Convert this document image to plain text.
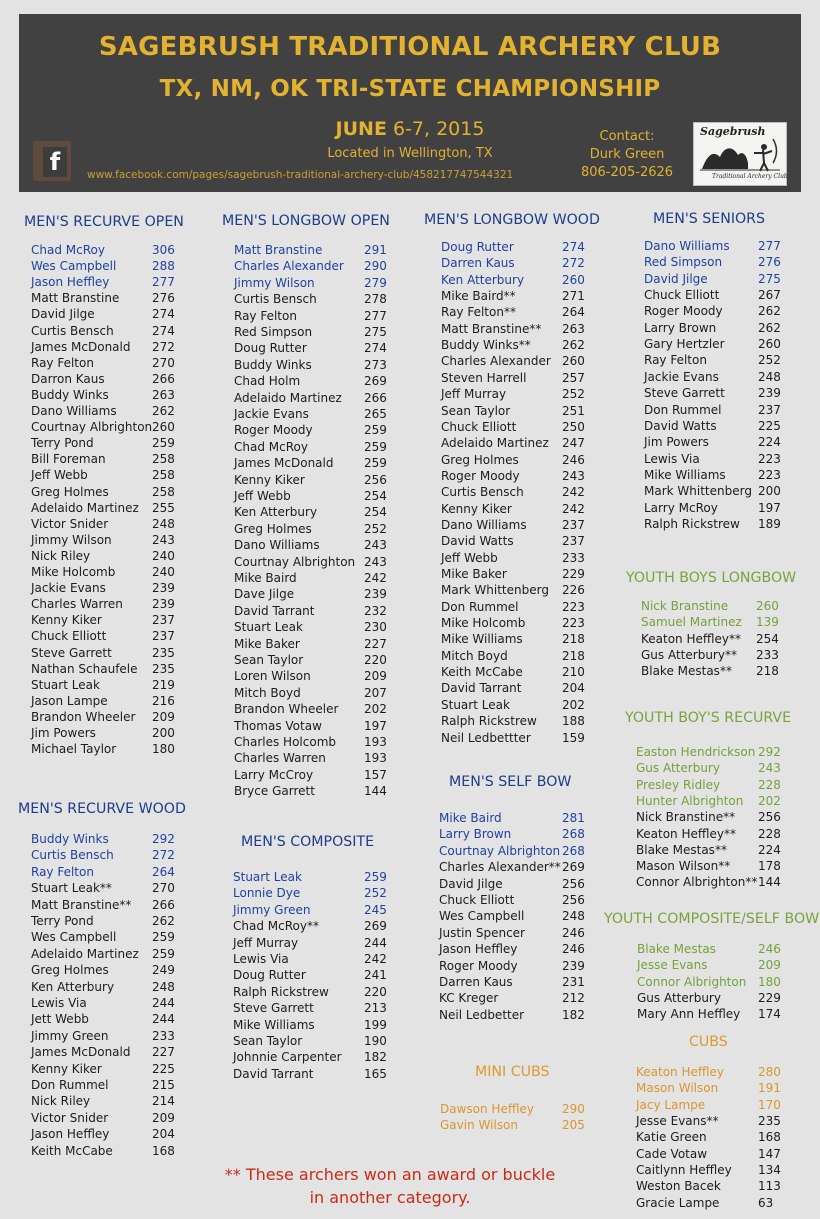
SAGEBRUSH TRADITIONAL ARCHERY CLUB
TX, NM, OK TRI-STATE CHAMPIONSHIP
JUNE 6-7, 2015
Located in Wellington, TX
www.facebook.com/pages/sagebrush-traditional-archery-club/458217747544321
Contact:
Durk Green
806-205-2626
f
Sagebrush
Traditional Archery Club
MEN'S RECURVE OPEN
Chad McRoy	306
Wes Campbell	288
Jason Heffley	277
Matt Branstine	276
David Jilge	274
Curtis Bensch	274
James McDonald 272
Ray Felton	270
Darron Kaus	266
Buddy Winks	263
Dano Williams	262
Courtnay Albrighton 260
Terry Pond	259
Bill Foreman	258
Jeff Webb	258
Greg Holmes	258
Adelaido Martinez 255
Victor Snider	248
Jimmy Wilson	243
Nick Riley	240
Mike Holcomb	240
Jackie Evans	239
Charles Warren 239
Kenny Kiker	237
Chuck Elliott	237
Steve Garrett	235
Nathan Schaufele 235
Stuart Leak	219
Jason Lampe	216
Brandon Wheeler 209
Jim Powers	200
Michael Taylor	180
MEN'S RECURVE WOOD
Buddy Winks	292
Curtis Bensch	272
Ray Felton	264
Stuart Leak**	270
Matt Branstine** 266
Terry Pond	262
Wes Campbell	259
Adelaido Martinez 259
Greg Holmes	249
Ken Atterbury	248
Lewis Via	244
Jett Webb	244
Jimmy Green	233
James McDonald 227
Kenny Kiker	225
Don Rummel	215
Nick Riley	214
Victor Snider	209
Jason Heffley	204
Keith McCabe	168
MEN'S LONGBOW OPEN
Matt Branstine	291
Charles Alexander 290
Jimmy Wilson	279
Curtis Bensch	278
Ray Felton	277
Red Simpson	275
Doug Rutter	274
Buddy Winks	273
Chad Holm	269
Adelaido Martinez 266
Jackie Evans	265
Roger Moody	259
Chad McRoy	259
James McDonald	259
Kenny Kiker	256
Jeff Webb	254
Ken Atterbury	254
Greg Holmes	252
Dano Williams	243
Courtnay Albrighton 243
Mike Baird	242
Dave Jilge	239
David Tarrant	232
Stuart Leak	230
Mike Baker	227
Sean Taylor	220
Loren Wilson	209
Mitch Boyd	207
Brandon Wheeler 202
Thomas Votaw	197
Charles Holcomb 193
Charles Warren	193
Larry McCroy	157
Bryce Garrett	144
MEN'S COMPOSITE
Stuart Leak	259
Lonnie Dye	252
Jimmy Green	245
Chad McRoy**	269
Jeff Murray	244
Lewis Via	242
Doug Rutter	241
Ralph Rickstrew	220
Steve Garrett	213
Mike Williams	199
Sean Taylor	190
Johnnie Carpenter 182
David Tarrant	165
MEN'S LONGBOW WOOD
Doug Rutter	274
Darren Kaus	272
Ken Atterbury	260
Mike Baird**	271
Ray Felton**	264
Matt Branstine** 263
Buddy Winks**	262
Charles Alexander 260
Steven Harrell	257
Jeff Murray	252
Sean Taylor	251
Chuck Elliott	250
Adelaido Martinez 247
Greg Holmes	246
Roger Moody	243
Curtis Bensch	242
Kenny Kiker	242
Dano Williams	237
David Watts	237
Jeff Webb	233
Mike Baker	229
Mark Whittenberg 226
Don Rummel	223
Mike Holcomb	223
Mike Williams	218
Mitch Boyd	218
Keith McCabe	210
David Tarrant	204
Stuart Leak	202
Ralph Rickstrew 188
Neil Ledbettter	159
MEN'S SELF BOW
Mike Baird	281
Larry Brown	268
Courtnay Albrighton 268
Charles Alexander** 269
David Jilge	256
Chuck Elliott	256
Wes Campbell	248
Justin Spencer	246
Jason Heffley	246
Roger Moody	239
Darren Kaus	231
KC Kreger	212
Neil Ledbetter	182
MINI CUBS
Dawson Heffley 290
Gavin Wilson	205
MEN'S SENIORS
Dano Williams 277
Red Simpson	276
David Jilge	275
Chuck Elliott	267
Roger Moody	262
Larry Brown	262
Gary Hertzler	260
Ray Felton	252
Jackie Evans	248
Steve Garrett	239
Don Rummel	237
David Watts	225
Jim Powers	224
Lewis Via	223
Mike Williams	223
Mark Whittenberg 200
Larry McRoy	197
Ralph Rickstrew 189
YOUTH BOYS LONGBOW
Nick Branstine 260
Samuel Martinez 139
Keaton Heffley** 254
Gus Atterbury** 233
Blake Mestas** 218
YOUTH BOY'S RECURVE
Easton Hendrickson 292
Gus Atterbury	243
Presley Ridley	228
Hunter Albrighton 202
Nick Branstine** 256
Keaton Heffley** 228
Blake Mestas**	224
Mason Wilson** 178
Connor Albrighton** 144
YOUTH COMPOSITE/SELF BOW
Blake Mestas	246
Jesse Evans	209
Connor Albrighton 180
Gus Atterbury	229
Mary Ann Heffley 174
CUBS
Keaton Heffley	280
Mason Wilson	191
Jacy Lampe	170
Jesse Evans**	235
Katie Green	168
Cade Votaw	147
Caitlynn Heffley 134
Weston Bacek	113
Gracie Lampe	63
** These archers won an award or buckle
in another category.
